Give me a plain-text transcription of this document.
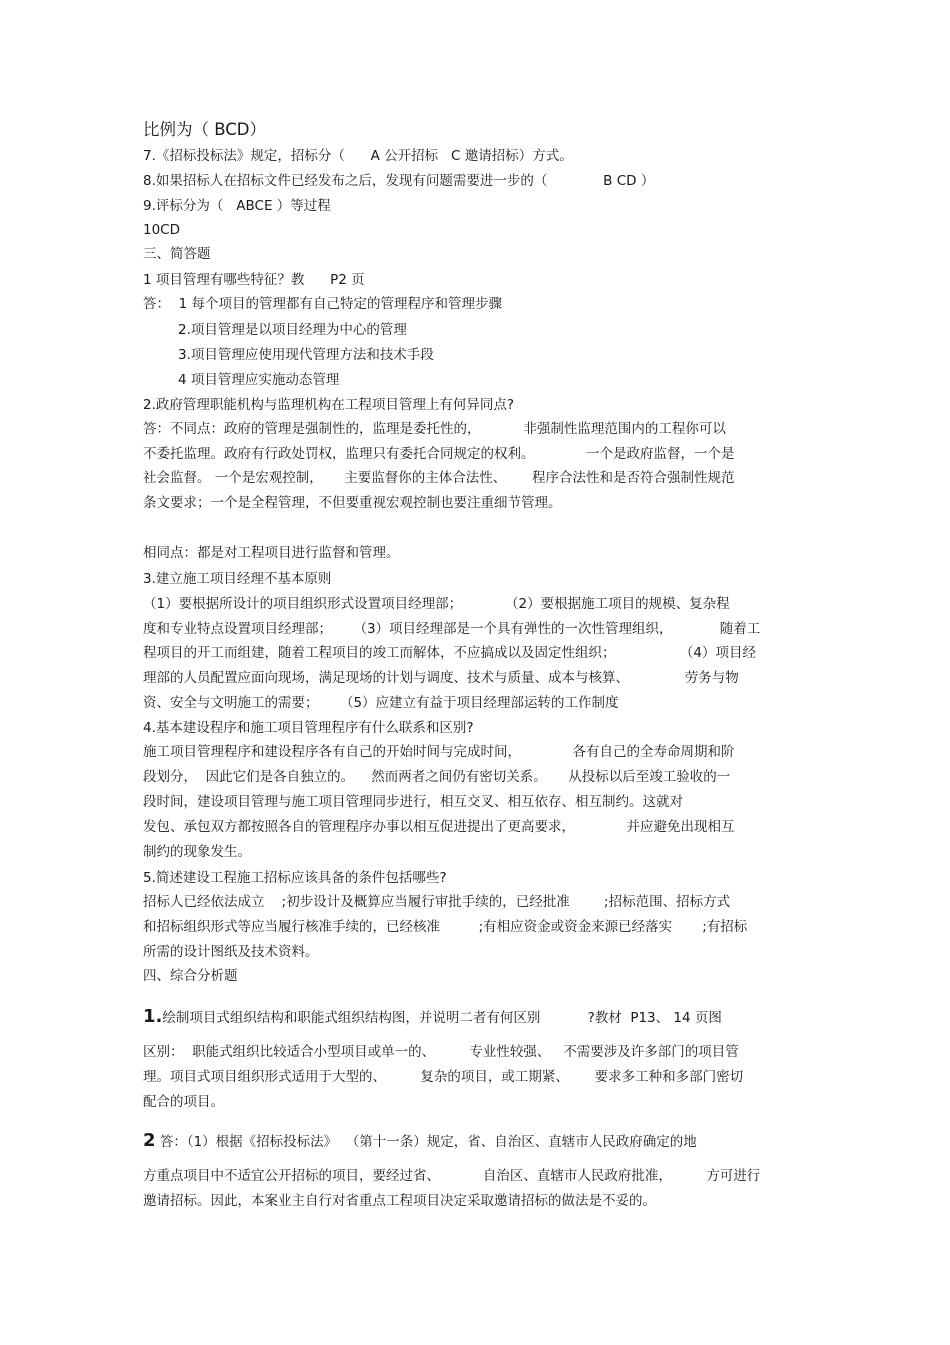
比例为（ BCD）

7.《招标投标法》规定，招标分（      A 公开招标   C 邀请招标）方式。

8.如果招标人在招标文件已经发布之后，发现有问题需要进一步的（             B CD ）

9.评标分为（   ABCE ）等过程

10CD

三、简答题

1 项目管理有哪些特征？教      P2 页

答：  1 每个项目的管理都有自己特定的管理程序和管理步骤

2.项目管理是以项目经理为中心的管理

3.项目管理应使用现代管理方法和技术手段

4 项目管理应实施动态管理

2.政府管理职能机构与监理机构在工程项目管理上有何异同点?

答：不同点：政府的管理是强制性的，监理是委托性的，          非强制性监理范围内的工程你可以

不委托监理。政府有行政处罚权，监理只有委托合同规定的权利。            一个是政府监督，一个是

社会监督。 一个是宏观控制，     主要监督你的主体合法性、      程序合法性和是否符合强制性规范

条文要求；一个是全程管理，不但要重视宏观控制也要注重细节管理。

相同点：都是对工程项目进行监督和管理。

3.建立施工项目经理不基本原则

（1）要根据所设计的项目组织形式设置项目经理部；          （2）要根据施工项目的规模、复杂程

度和专业特点设置项目经理部；     （3）项目经理部是一个具有弹性的一次性管理组织，           随着工

程项目的开工而组建，随着工程项目的竣工而解体，不应搞成以及固定性组织；               （4）项目经

理部的人员配置应面向现场，满足现场的计划与调度、技术与质量、成本与核算、             劳务与物

资、安全与文明施工的需要；     （5）应建立有益于项目经理部运转的工作制度

4.基本建设程序和施工项目管理程序有什么联系和区别?

施工项目管理程序和建设程序各有自己的开始时间与完成时间，            各有自己的全寿命周期和阶

段划分，  因此它们是各自独立的。    然而两者之间仍有密切关系。     从投标以后至竣工验收的一

段时间，建设项目管理与施工项目管理同步进行，相互交叉、相互依存、相互制约。这就对

发包、承包双方都按照各自的管理程序办事以相互促进提出了更高要求，            并应避免出现相互

制约的现象发生。

5.简述建设工程施工招标应该具备的条件包括哪些?

招标人已经依法成立    ;初步设计及概算应当履行审批手续的，已经批准        ;招标范围、招标方式

和招标组织形式等应当履行核准手续的，已经核准         ;有相应资金或资金来源已经落实       ;有招标

所需的设计图纸及技术资料。

四、综合分析题

1.绘制项目式组织结构和职能式组织结构图，并说明二者有何区别           ?教材  P13、 14 页图

区别：  职能式组织比较适合小型项目或单一的、        专业性较强、   不需要涉及许多部门的项目管

理。项目式项目组织形式适用于大型的、        复杂的项目，或工期紧、      要求多工种和多部门密切

配合的项目。

2 答：（1）根据《招标投标法》  （第十一条）规定，省、自治区、直辖市人民政府确定的地

方重点项目中不适宜公开招标的项目，要经过省、          自治区、直辖市人民政府批准，        方可进行

邀请招标。因此，本案业主自行对省重点工程项目决定采取邀请招标的做法是不妥的。
